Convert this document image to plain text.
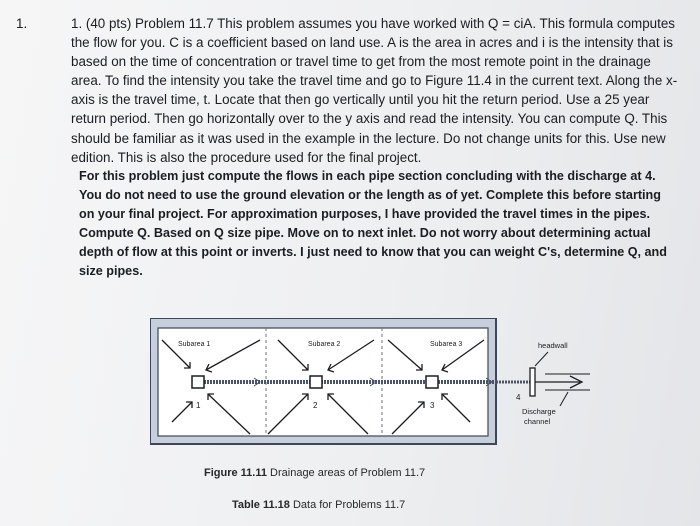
1.	1. (40 pts) Problem 11.7 This problem assumes you have worked with Q = ciA. This formula computes the flow for you. C is a coefficient based on land use. A is the area in acres and i is the intensity that is based on the time of concentration or travel time to get from the most remote point in the drainage area. To find the intensity you take the travel time and go to Figure 11.4 in the current text. Along the x-axis is the travel time, t. Locate that then go vertically until you hit the return period. Use a 25 year return period. Then go horizontally over to the y axis and read the intensity. You can compute Q. This should be familiar as it was used in the example in the lecture. Do not change units for this. Use new edition. This is also the procedure used for the final project.
For this problem just compute the flows in each pipe section concluding with the discharge at 4. You do not need to use the ground elevation or the length as of yet. Complete this before starting on your final project. For approximation purposes, I have provided the travel times in the pipes. Compute Q. Based on Q size pipe. Move on to next inlet. Do not worry about determining actual depth of flow at this point or inverts. I just need to know that you can weight C's, determine Q, and size pipes.
Subarea 1	Subarea 2	Subarea 3
1	2	3
4
headwall
Discharge
channel
Figure 11.11 Drainage areas of Problem 11.7
Table 11.18 Data for Problems 11.7
